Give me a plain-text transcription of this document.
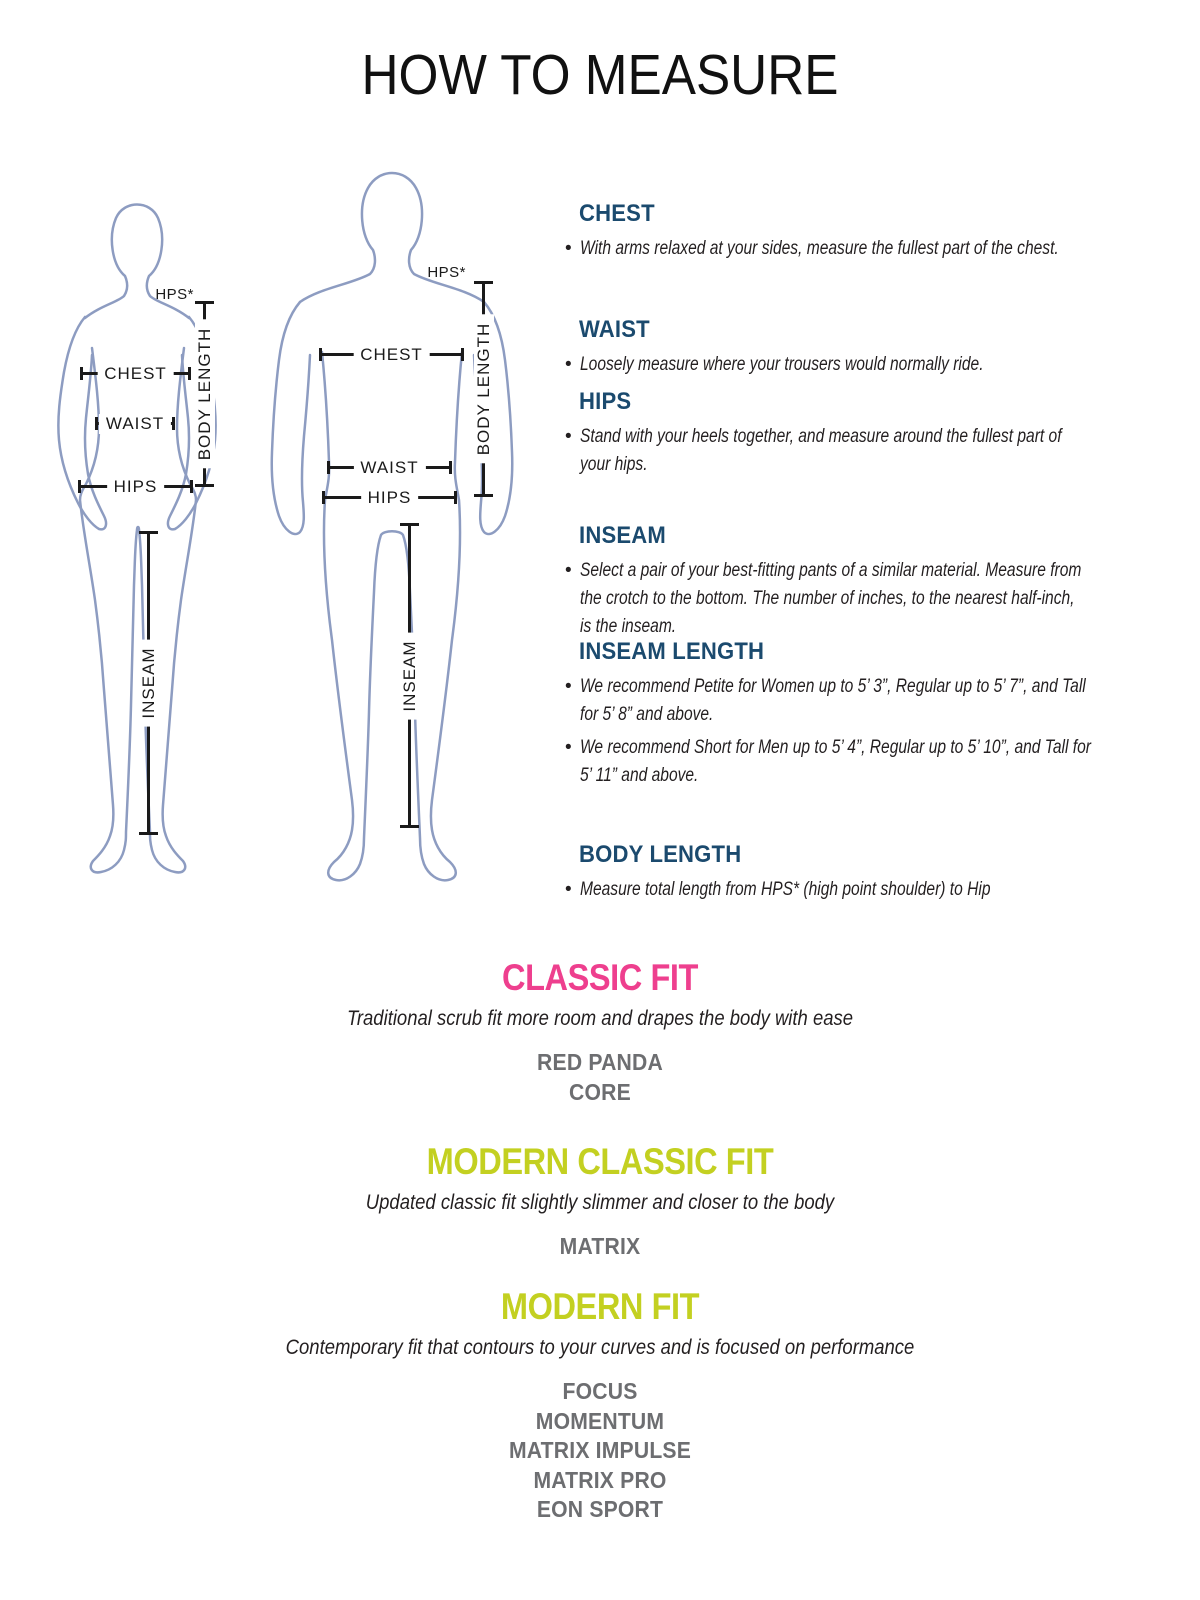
HOW TO MEASURE
HPS*
BODY LENGTH
CHEST
WAIST
HIPS
INSEAM
HPS*
BODY LENGTH
CHEST
WAIST
HIPS
INSEAM
CHEST
• With arms relaxed at your sides, measure the fullest part of the chest.
WAIST
• Loosely measure where your trousers would normally ride.
HIPS
• Stand with your heels together, and measure around the fullest part of
your hips.
INSEAM
• Select a pair of your best-fitting pants of a similar material. Measure from
the crotch to the bottom. The number of inches, to the nearest half-inch,
is the inseam.
INSEAM LENGTH
• We recommend Petite for Women up to 5’ 3”, Regular up to 5’ 7”, and Tall
for 5’ 8” and above.
• We recommend Short for Men up to 5’ 4”, Regular up to 5’ 10”, and Tall for
5’ 11” and above.
BODY LENGTH
• Measure total length from HPS* (high point shoulder) to Hip
CLASSIC FIT

Traditional scrub fit more room and drapes the body with ease

RED PANDA
CORE
MODERN CLASSIC FIT

Updated classic fit slightly slimmer and closer to the body

MATRIX
MODERN FIT

Contemporary fit that contours to your curves and is focused on performance

FOCUS
MOMENTUM
MATRIX IMPULSE
MATRIX PRO
EON SPORT
